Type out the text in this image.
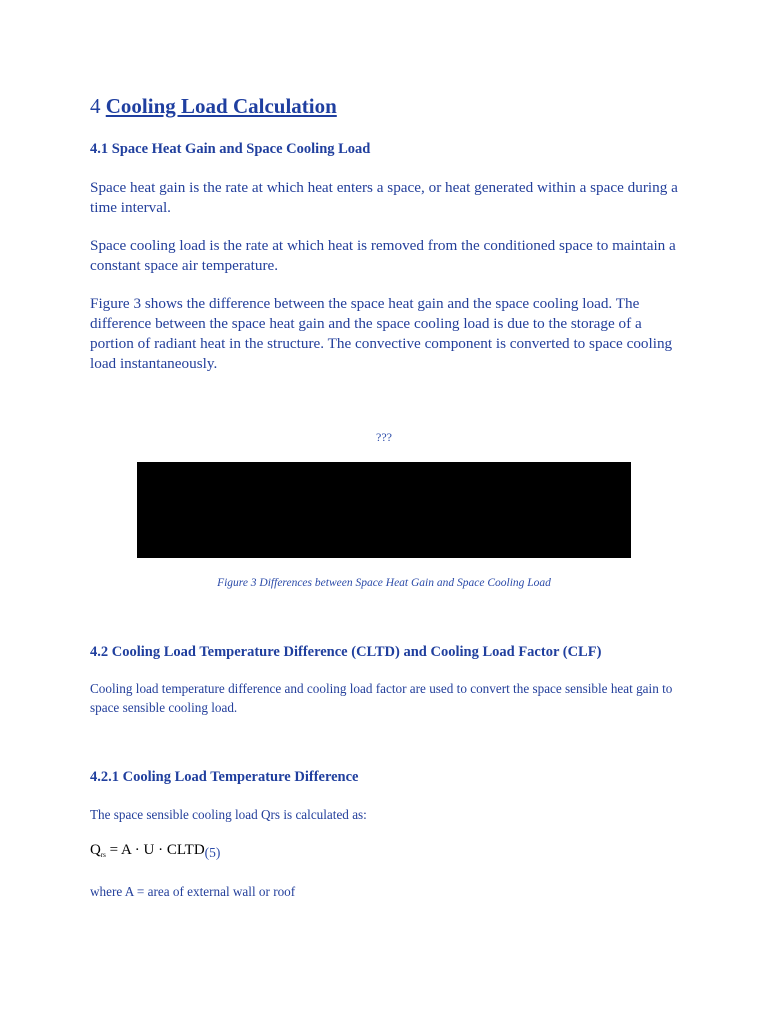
4 Cooling Load Calculation
4.1 Space Heat Gain and Space Cooling Load
Space heat gain is the rate at which heat enters a space, or heat generated within a space during a time interval.
Space cooling load is the rate at which heat is removed from the conditioned space to maintain a constant space air temperature.
Figure 3 shows the difference between the space heat gain and the space cooling load. The difference between the space heat gain and the space cooling load is due to the storage of a portion of radiant heat in the structure. The convective component is converted to space cooling load instantaneously.
???
Figure 3 Differences between Space Heat Gain and Space Cooling Load
4.2 Cooling Load Temperature Difference (CLTD) and Cooling Load Factor (CLF)
Cooling load temperature difference and cooling load factor are used to convert the space sensible heat gain to space sensible cooling load.
4.2.1 Cooling Load Temperature Difference
The space sensible cooling load Qrs is calculated as:
$Q_{rs} = A \cdot U$ · CLTD(5)
where A = area of external wall or roof
